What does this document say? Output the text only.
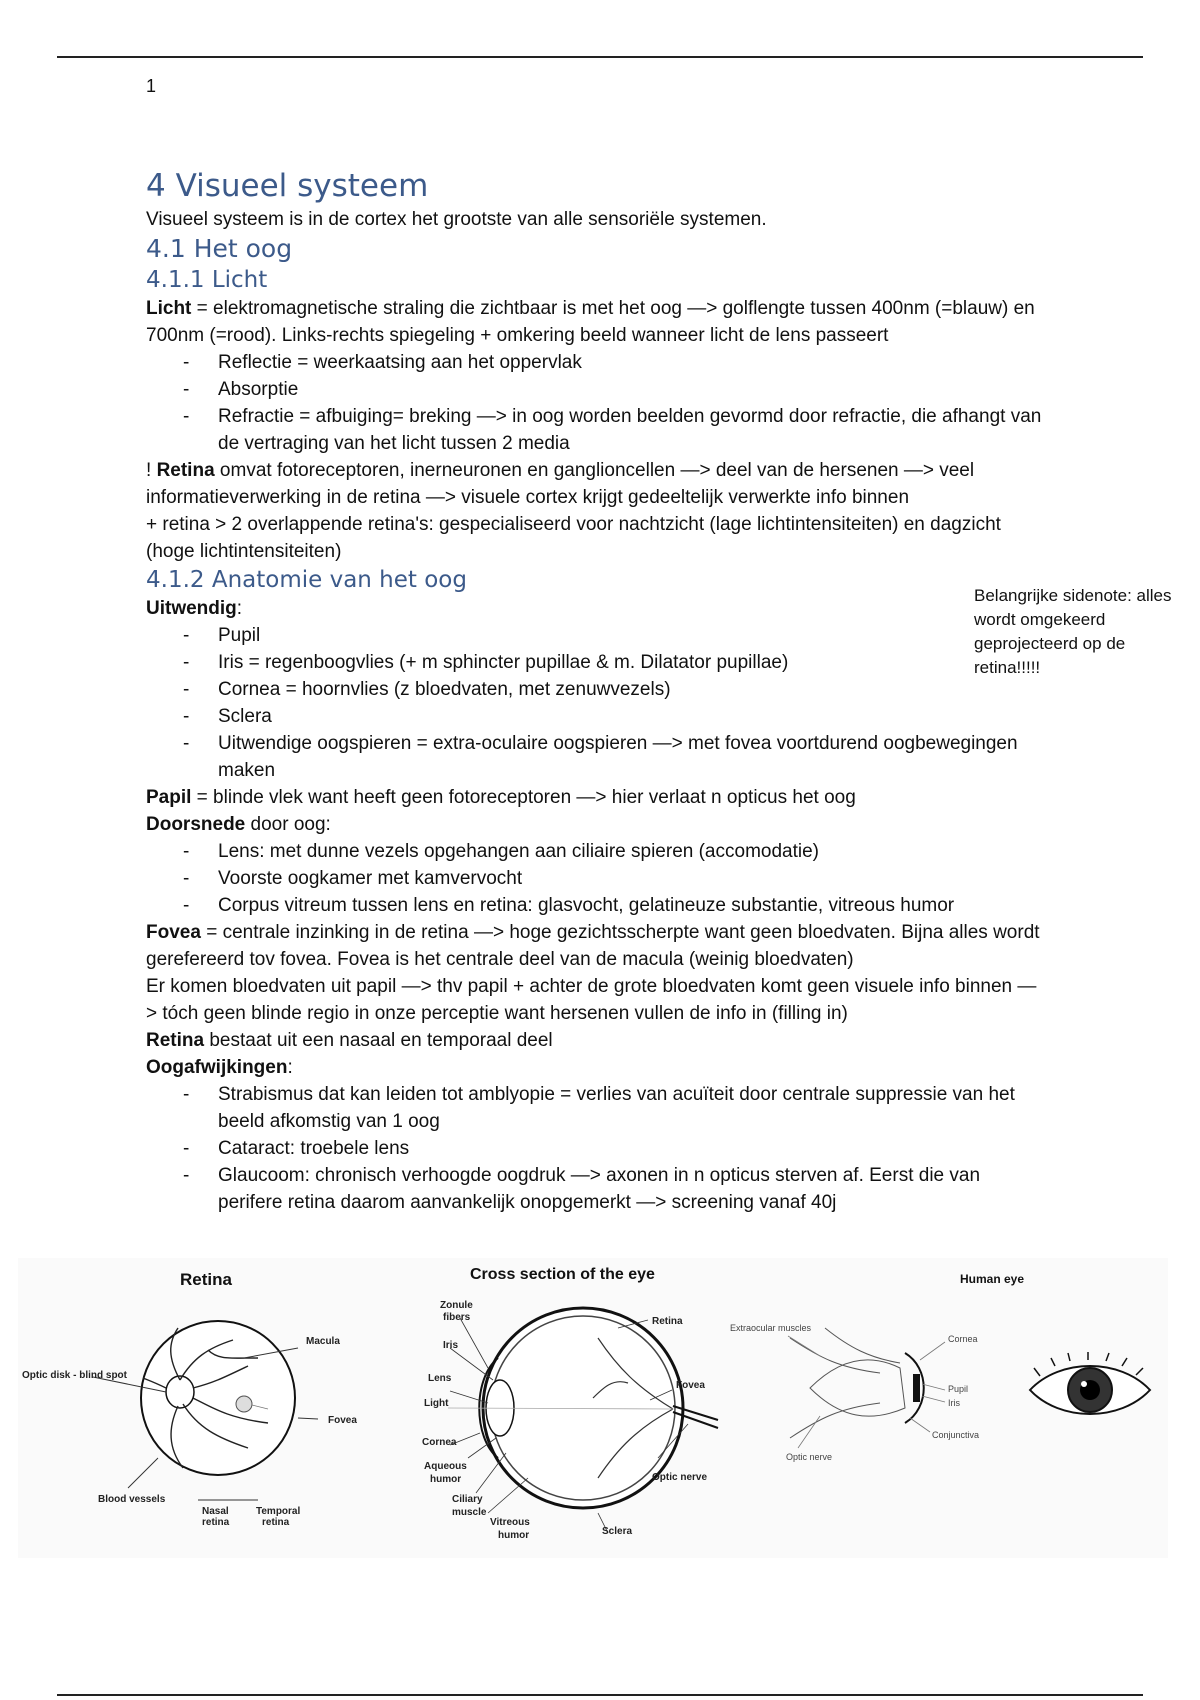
1
4 Visueel systeem

Visueel systeem is in de cortex het grootste van alle sensoriële systemen.

4.1 Het oog
4.1.1 Licht

Licht = elektromagnetische straling die zichtbaar is met het oog —> golflengte tussen 400nm (=blauw) en 700nm (=rood). Links-rechts spiegeling + omkering beeld wanneer licht de lens passeert

- Reflectie = weerkaatsing aan het oppervlak
- Absorptie
- Refractie = afbuiging= breking —> in oog worden beelden gevormd door refractie, die afhangt van de vertraging van het licht tussen 2 media

! Retina omvat fotoreceptoren, inerneuronen en ganglioncellen —> deel van de hersenen —> veel informatieverwerking in de retina —> visuele cortex krijgt gedeeltelijk verwerkte info binnen

+ retina > 2 overlappende retina's: gespecialiseerd voor nachtzicht (lage lichtintensiteiten) en dagzicht (hoge lichtintensiteiten)

4.1.2 Anatomie van het oog

Uitwendig:

- Pupil
- Iris = regenboogvlies (+ m sphincter pupillae & m. Dilatator pupillae)
- Cornea = hoornvlies (z bloedvaten, met zenuwvezels)
- Sclera
- Uitwendige oogspieren = extra-oculaire oogspieren —> met fovea voortdurend oogbewegingen maken

Papil = blinde vlek want heeft geen fotoreceptoren —> hier verlaat n opticus het oog

Doorsnede door oog:

- Lens: met dunne vezels opgehangen aan ciliaire spieren (accomodatie)
- Voorste oogkamer met kamvervocht
- Corpus vitreum tussen lens en retina: glasvocht, gelatineuze substantie, vitreous humor

Fovea = centrale inzinking in de retina —> hoge gezichtsscherpte want geen bloedvaten. Bijna alles wordt gerefereerd tov fovea. Fovea is het centrale deel van de macula (weinig bloedvaten)

Er komen bloedvaten uit papil —> thv papil + achter de grote bloedvaten komt geen visuele info binnen —> tóch geen blinde regio in onze perceptie want hersenen vullen de info in (filling in)

Retina bestaat uit een nasaal en temporaal deel

Oogafwijkingen:

- Strabismus dat kan leiden tot amblyopie = verlies van acuïteit door centrale suppressie van het beeld afkomstig van 1 oog
- Cataract: troebele lens
- Glaucoom: chronisch verhoogde oogdruk —> axonen in n opticus sterven af. Eerst die van perifere retina daarom aanvankelijk onopgemerkt —> screening vanaf 40j
Belangrijke sidenote: alles wordt omgekeerd geprojecteerd op de retina!!!!!
Retina
Optic disk - blind spot
Macula
Fovea
Blood vessels
Nasal
retina
Temporal
retina
Cross section of the eye
Zonule
fibers
Iris
Lens
Light
Cornea
Aqueous
humor
Ciliary
muscle
Vitreous
humor
Retina
Fovea
Optic nerve
Sclera
Human eye
Extraocular muscles
Cornea
Pupil
Iris
Optic nerve
Conjunctiva
